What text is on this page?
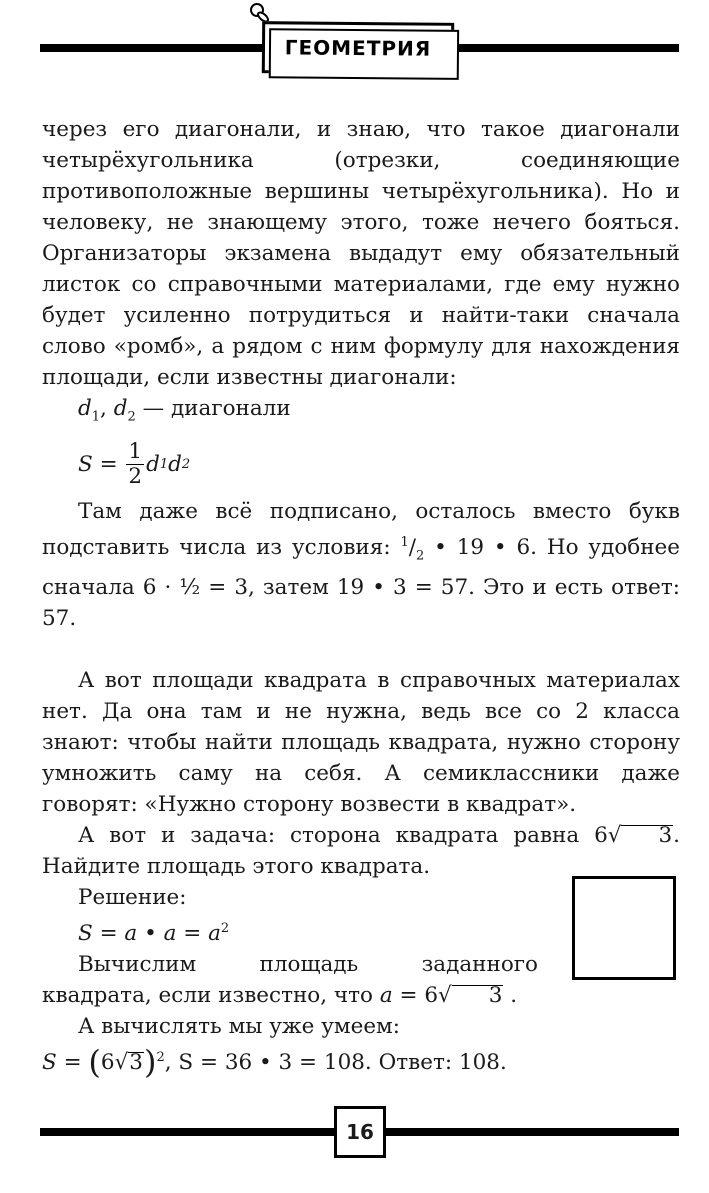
ГЕОМЕТРИЯ

через его диагонали, и знаю, что такое диагонали четырёхугольника (отрезки, соединяющие противоположные вершины четырёхугольника). Но и человеку, не знающему этого, тоже нечего бояться. Организаторы экзамена выдадут ему обязательный листок со справочными материалами, где ему нужно будет усиленно потрудиться и найти-таки сначала слово «ромб», а рядом с ним формулу для нахождения площади, если известны диагонали:

$d_1$, $d_2$ — диагонали

$S = \frac{1}{2}$ d 1 d 2

Там даже всё подписано, осталось вместо букв подставить числа из условия: $^1/_2$ • 19 • 6. Но удобнее сначала 6 · ½ = 3, затем 19 • 3 = 57. Это и есть ответ: 57.

А вот площади квадрата в справочных материалах нет. Да она там и не нужна, ведь все со 2 класса знают: чтобы найти площадь квадрата, нужно сторону умножить саму на себя. А семиклассники даже говорят: «Нужно сторону возвести в квадрат».

А вот и задача: сторона квадрата равна 6√ 3. Найдите площадь этого квадрата.

Решение:

S = a • $a = a^2$

Вычислим площадь заданного квадрата, если известно, что a = 6√ 3 .

А вычислять мы уже умеем:

$S = (6√3)^2$, S = 36 • 3 = 108. Ответ: 108.

16
